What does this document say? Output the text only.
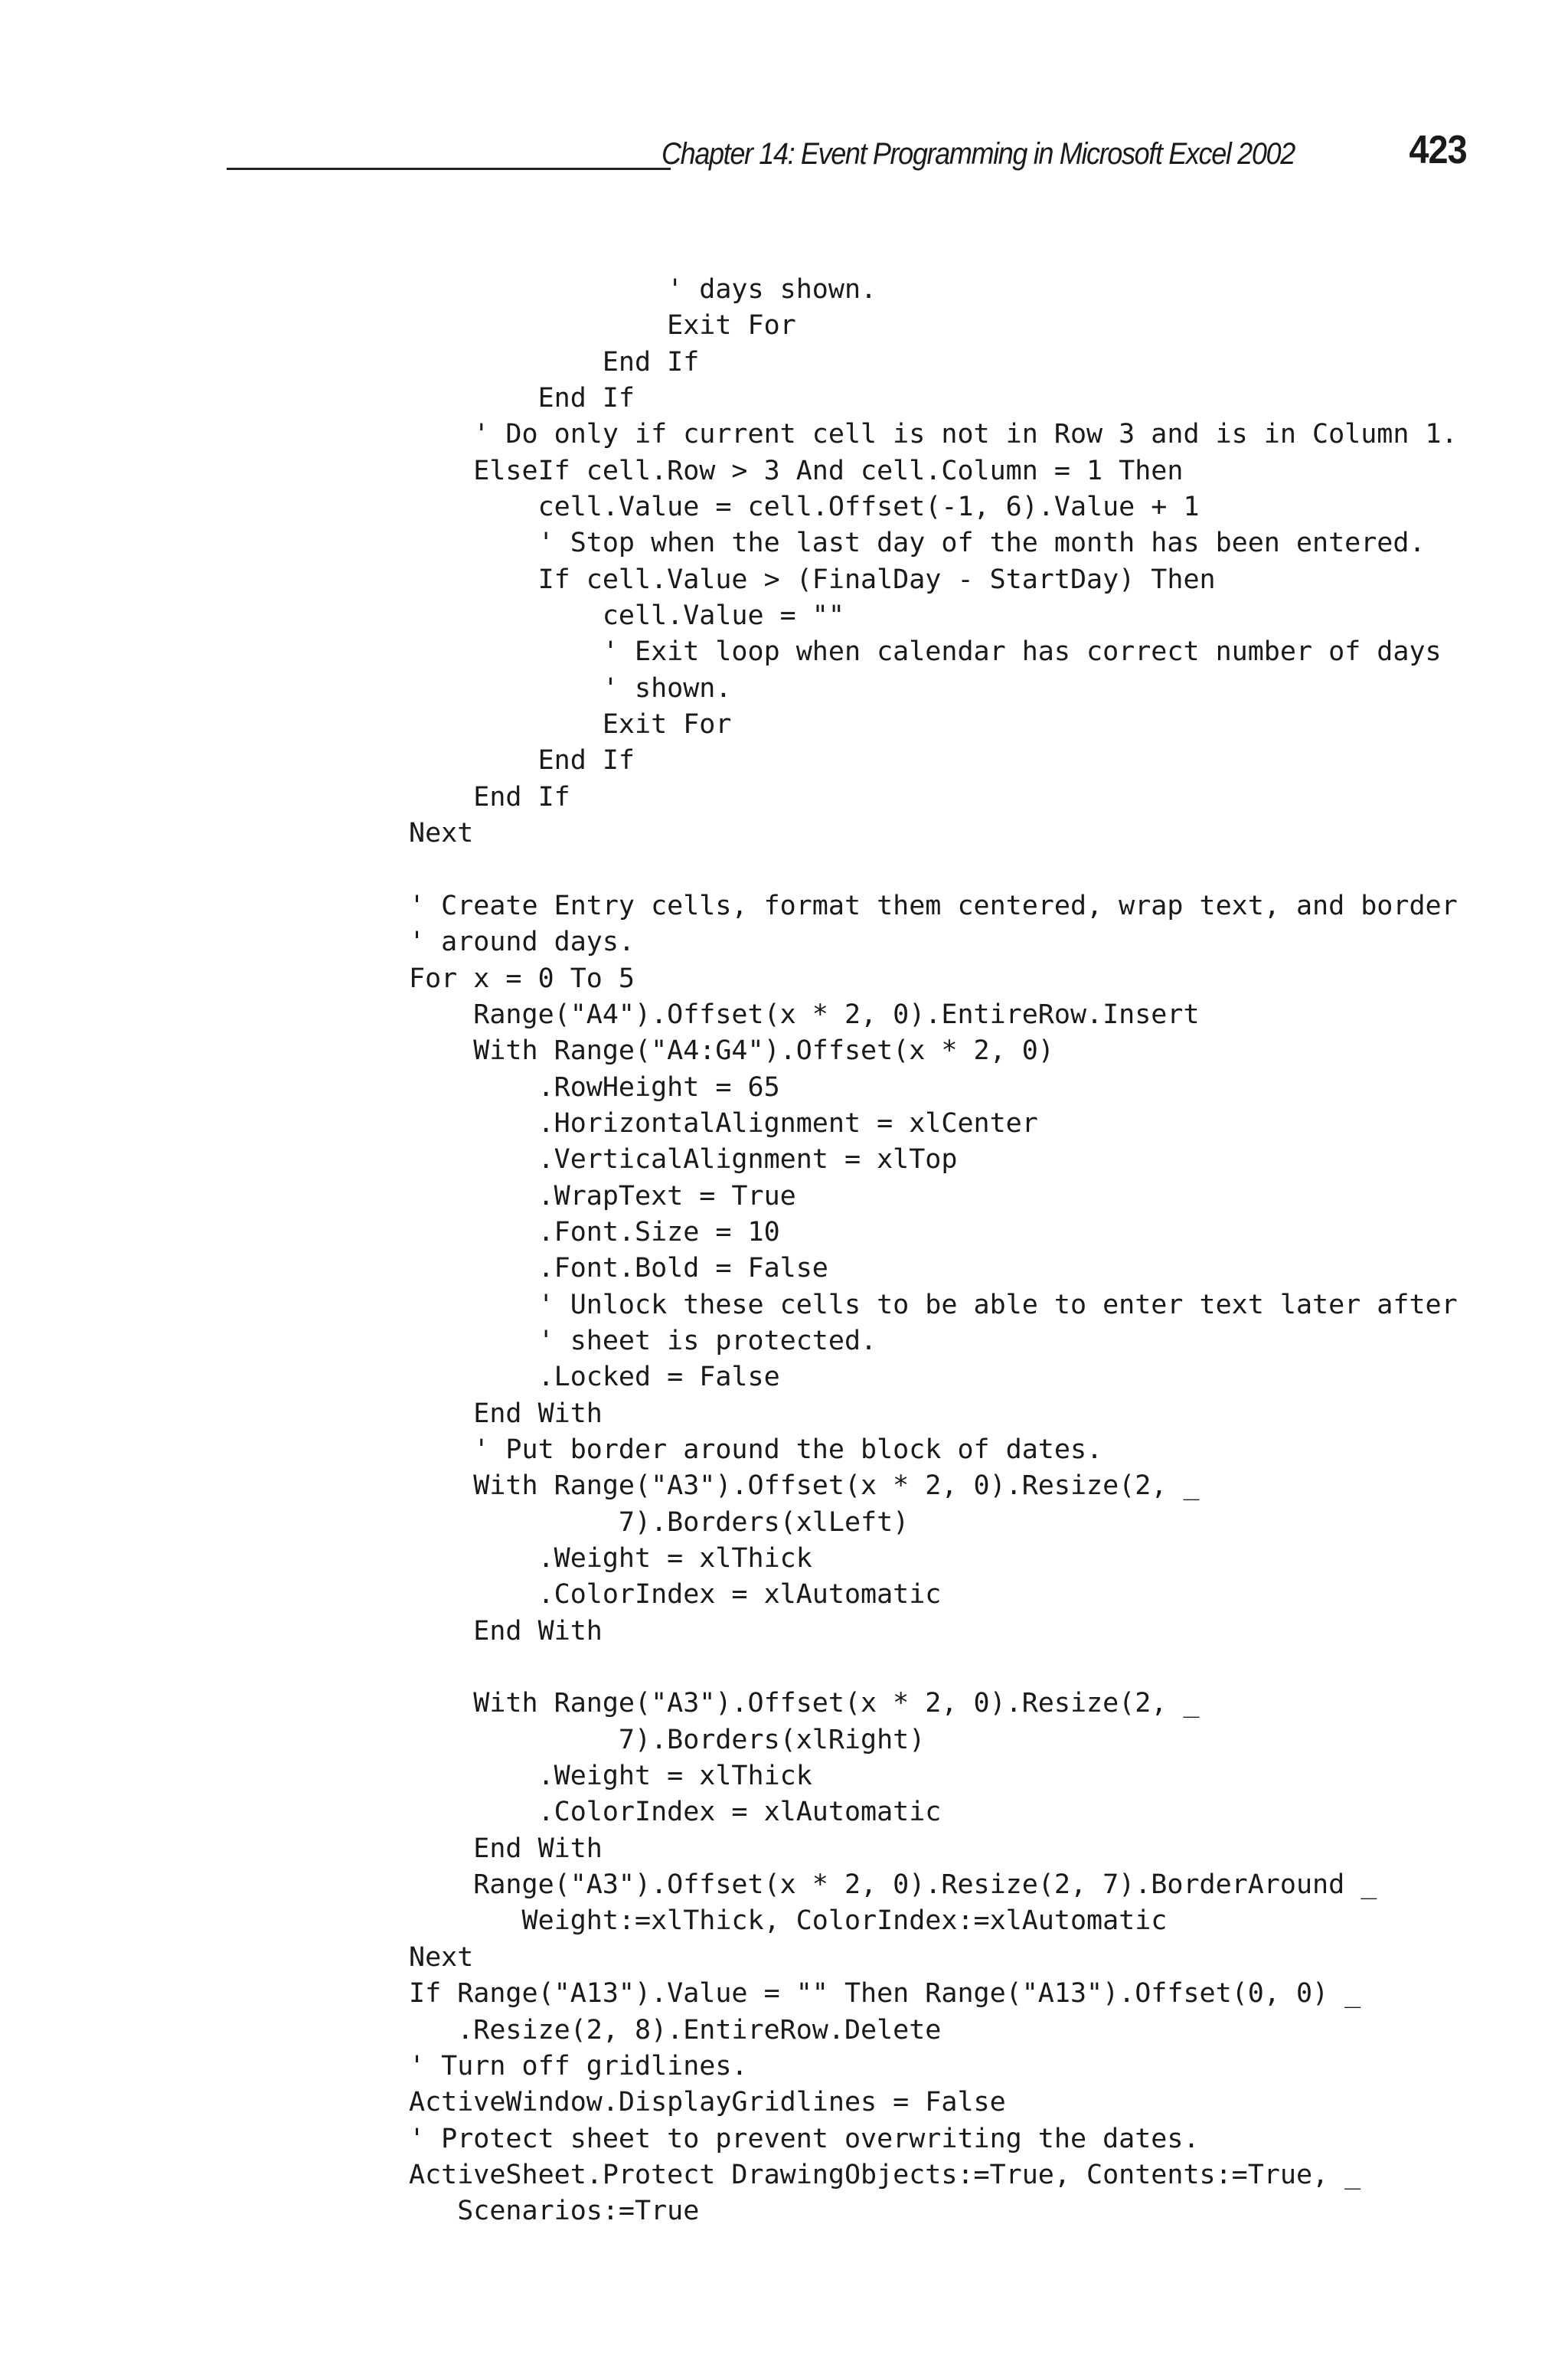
Chapter 14: Event Programming in Microsoft Excel 2002	423
' days shown.
Exit For
End If
End If
' Do only if current cell is not in Row 3 and is in Column 1.
ElseIf cell.Row > 3 And cell.Column = 1 Then
cell.Value = cell.Offset(-1, 6).Value + 1
' Stop when the last day of the month has been entered.
If cell.Value > (FinalDay - StartDay) Then
cell.Value = ""
' Exit loop when calendar has correct number of days
' shown.
Exit For
End If
End If
Next
' Create Entry cells, format them centered, wrap text, and border
' around days.
For x = 0 To 5
Range("A4").Offset(x * 2, 0).EntireRow.Insert
With Range("A4:G4").Offset(x * 2, 0)
.RowHeight = 65
.HorizontalAlignment = xlCenter
.VerticalAlignment = xlTop
.WrapText = True
.Font.Size = 10
.Font.Bold = False
' Unlock these cells to be able to enter text later after
' sheet is protected.
.Locked = False
End With
' Put border around the block of dates.
With Range("A3").Offset(x * 2, 0).Resize(2, _
7).Borders(xlLeft)
.Weight = xlThick
.ColorIndex = xlAutomatic
End With
With Range("A3").Offset(x * 2, 0).Resize(2, _
7).Borders(xlRight)
.Weight = xlThick
.ColorIndex = xlAutomatic
End With
Range("A3").Offset(x * 2, 0).Resize(2, 7).BorderAround _
Weight:=xlThick, ColorIndex:=xlAutomatic
Next
If Range("A13").Value = "" Then Range("A13").Offset(0, 0) _
.Resize(2, 8).EntireRow.Delete
' Turn off gridlines.
ActiveWindow.DisplayGridlines = False
' Protect sheet to prevent overwriting the dates.
ActiveSheet.Protect DrawingObjects:=True, Contents:=True, _
Scenarios:=True
